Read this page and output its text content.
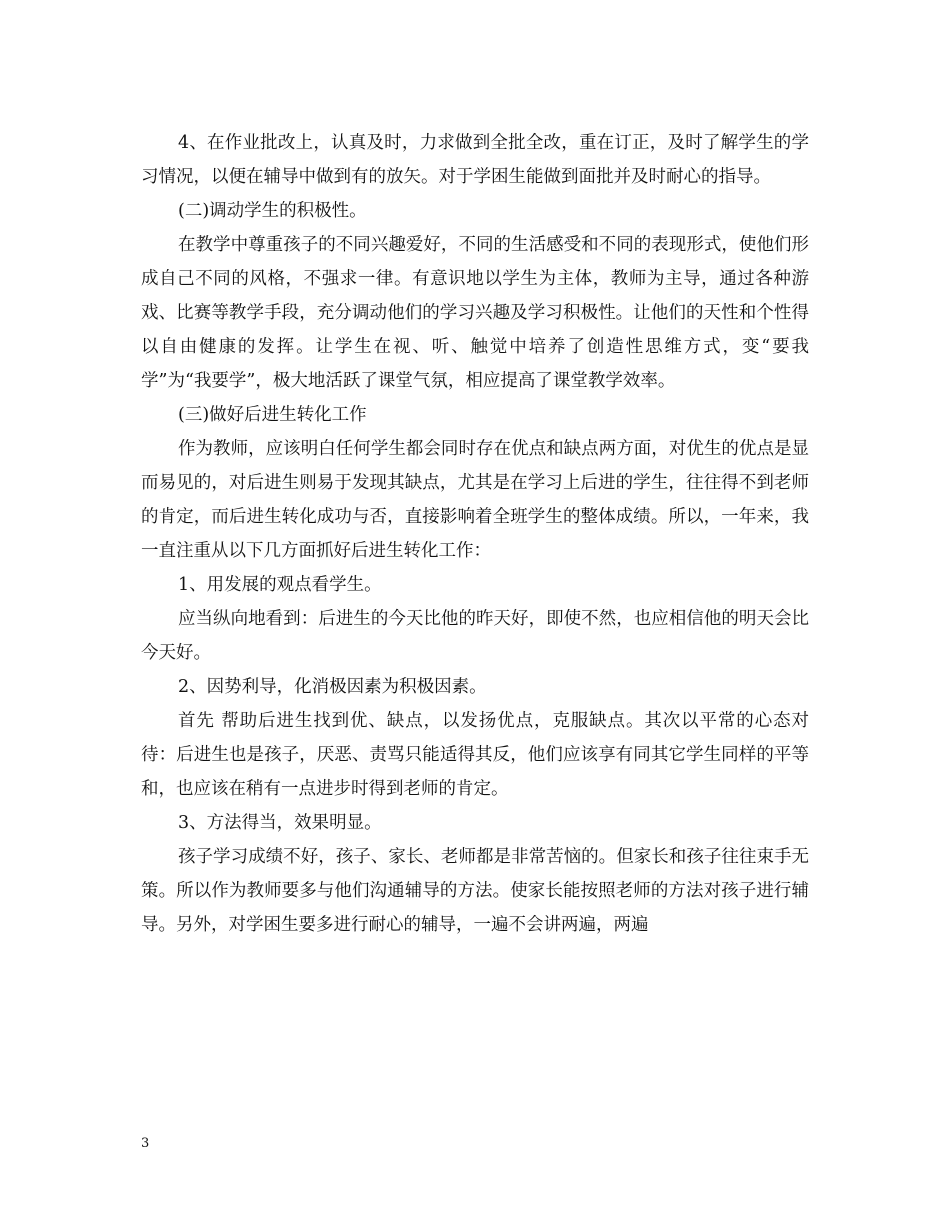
4、在作业批改上，认真及时，力求做到全批全改，重在订正，及时了解学生的学习情况，以便在辅导中做到有的放矢。对于学困生能做到面批并及时耐心的指导。

(二)调动学生的积极性。

在教学中尊重孩子的不同兴趣爱好，不同的生活感受和不同的表现形式，使他们形成自己不同的风格，不强求一律。有意识地以学生为主体，教师为主导，通过各种游戏、比赛等教学手段，充分调动他们的学习兴趣及学习积极性。让他们的天性和个性得以自由健康的发挥。让学生在视、听、触觉中培养了创造性思维方式，变“要我学”为“我要学”，极大地活跃了课堂气氛，相应提高了课堂教学效率。

(三)做好后进生转化工作

作为教师，应该明白任何学生都会同时存在优点和缺点两方面，对优生的优点是显而易见的，对后进生则易于发现其缺点，尤其是在学习上后进的学生，往往得不到老师的肯定，而后进生转化成功与否，直接影响着全班学生的整体成绩。所以，一年来，我一直注重从以下几方面抓好后进生转化工作：

1、用发展的观点看学生。

应当纵向地看到：后进生的今天比他的昨天好，即使不然，也应相信他的明天会比今天好。

2、因势利导，化消极因素为积极因素。

首先 帮助后进生找到优、缺点，以发扬优点，克服缺点。其次以平常的心态对待：后进生也是孩子，厌恶、责骂只能适得其反，他们应该享有同其它学生同样的平等和，也应该在稍有一点进步时得到老师的肯定。

3、方法得当，效果明显。

孩子学习成绩不好，孩子、家长、老师都是非常苦恼的。但家长和孩子往往束手无策。所以作为教师要多与他们沟通辅导的方法。使家长能按照老师的方法对孩子进行辅导。另外，对学困生要多进行耐心的辅导，一遍不会讲两遍，两遍

3
